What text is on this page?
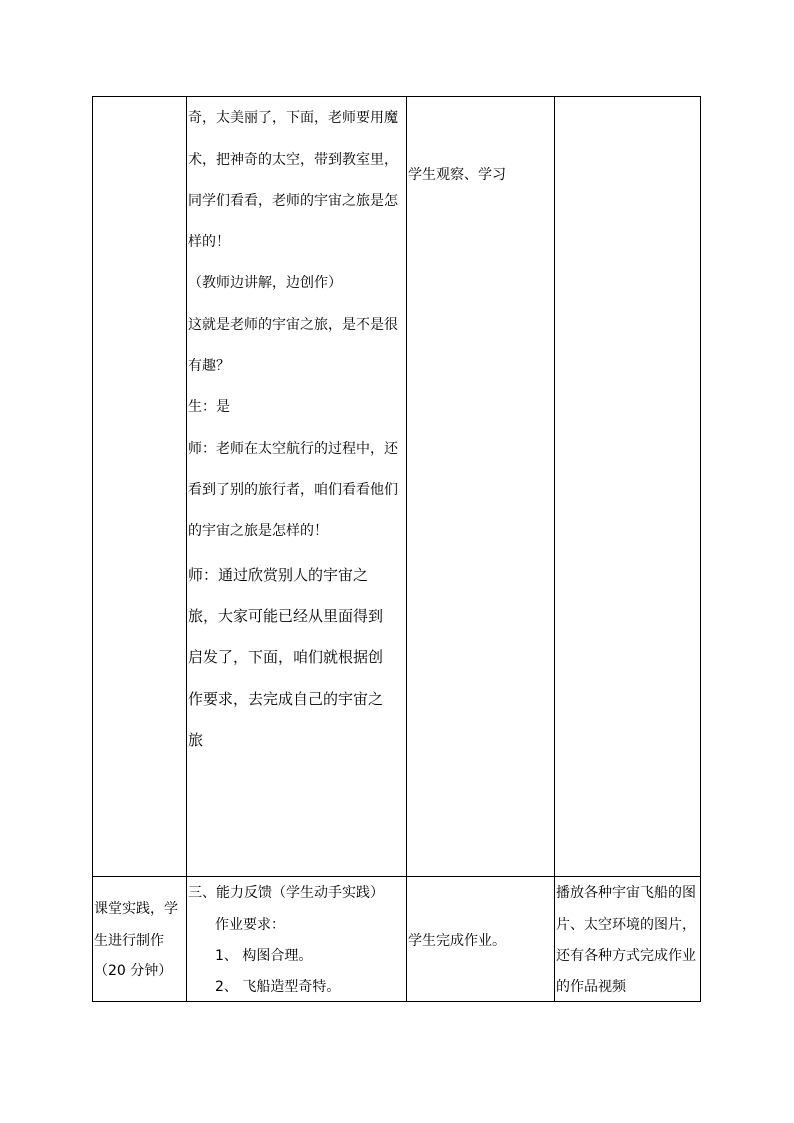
奇，太美丽了，下面，老师要用魔
术，把神奇的太空，带到教室里，
同学们看看，老师的宇宙之旅是怎
样的！
（教师边讲解，边创作）
这就是老师的宇宙之旅，是不是很
有趣？
生：是
师：老师在太空航行的过程中，还
看到了别的旅行者，咱们看看他们
的宇宙之旅是怎样的！
师：通过欣赏别人的宇宙之
旅，大家可能已经从里面得到
启发了，下面，咱们就根据创
作要求，去完成自己的宇宙之
旅
学生观察、学习
课堂实践，学
生进行制作
（20 分钟）
三、能力反馈（学生动手实践）
作业要求：
1、 构图合理。
2、 飞船造型奇特。
学生完成作业。
播放各种宇宙飞船的图
片、太空环境的图片，
还有各种方式完成作业
的作品视频
